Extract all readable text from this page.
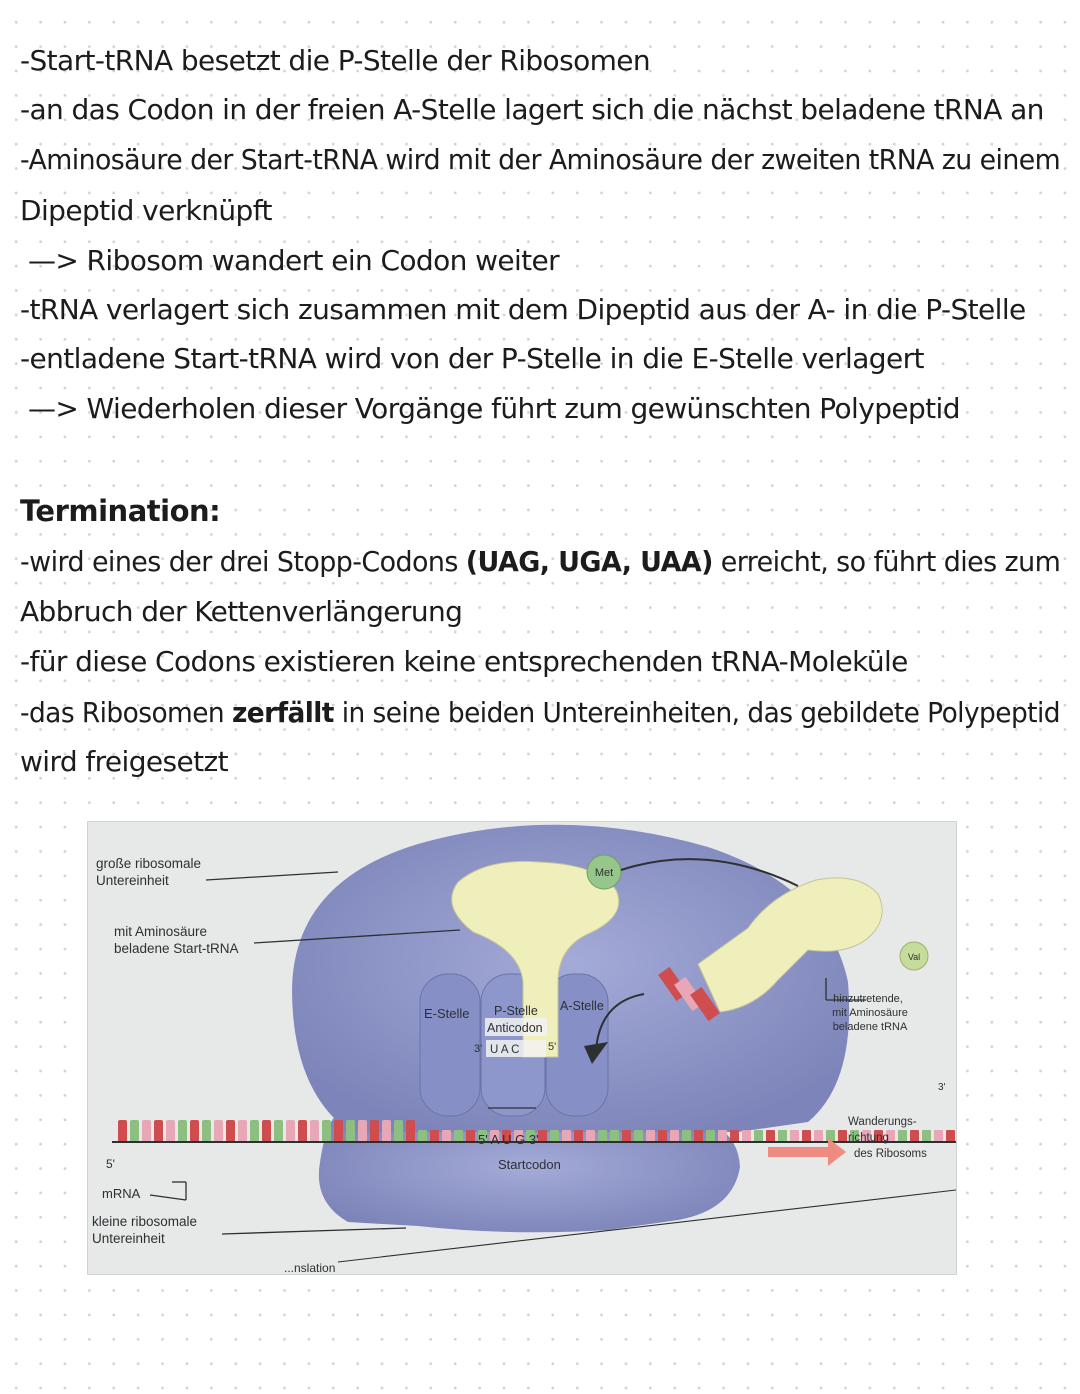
-Start-tRNA besetzt die P-Stelle der Ribosomen

-an das Codon in der freien A-Stelle lagert sich die nächst beladene tRNA an

-Aminosäure der Start-tRNA wird mit der Aminosäure der zweiten tRNA zu einem

Dipeptid verknüpft

—> Ribosom wandert ein Codon weiter

-tRNA verlagert sich zusammen mit dem Dipeptid aus der A- in die P-Stelle

-entladene Start-tRNA wird von der P-Stelle in die E-Stelle verlagert

—> Wiederholen dieser Vorgänge führt zum gewünschten Polypeptid

Termination:

-wird eines der drei Stopp-Codons (UAG, UGA, UAA) erreicht, so führt dies zum

Abbruch der Kettenverlängerung

-für diese Codons existieren keine entsprechenden tRNA-Moleküle

-das Ribosomen zerfällt in seine beiden Untereinheiten, das gebildete Polypeptid

wird freigesetzt

Met
Val
große ribosomale
Untereinheit
mit Aminosäure
beladene Start-tRNA
E-Stelle P-Stelle A-Stelle
Anticodon
3' U A C	5'
5' A U G 3'
Startcodon
hinzutretende,
mit Aminosäure
beladene tRNA
Wanderungs-
richtung
des Ribosoms
3'
5'
mRNA
kleine ribosomale
Untereinheit
...nslation
